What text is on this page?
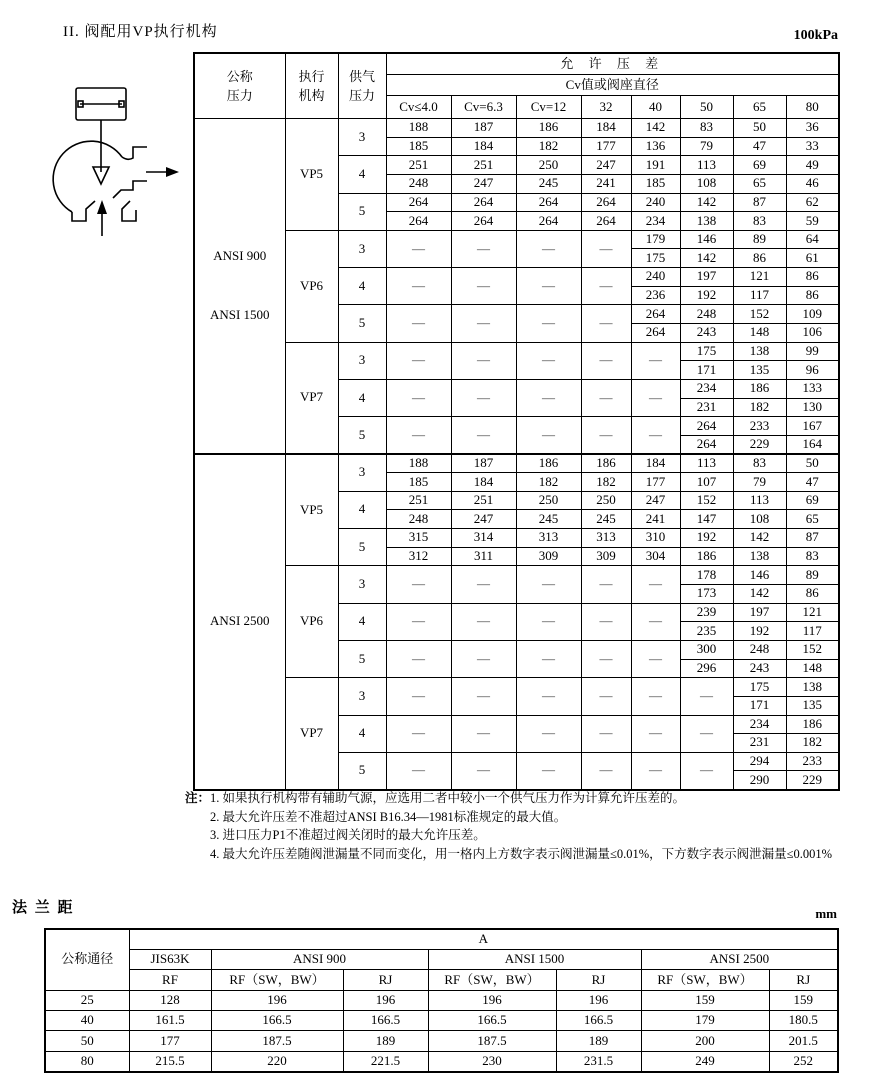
II. 阀配用VP执行机构	100kPa
公称压力	执行机构	供气压力	允 许 压 差							
			Cv值或阀座直径							
			Cv≤4.0	Cv=6.3	Cv=12	32	40	50	65	80

ANSI 900
ANSI 1500	VP5	3	188	187	186	184	142	83	50	36
			185	184	182	177	136	79	47	33
		4	251	251	250	247	191	113	69	49
			248	247	245	241	185	108	65	46
		5	264	264	264	264	240	142	87	62
			264	264	264	264	234	138	83	59
	VP6	3	—	—	—	—	179	146	89	64
							175	142	86	61
		4	—	—	—	—	240	197	121	86
							236	192	117	86
		5	—	—	—	—	264	248	152	109
							264	243	148	106
	VP7	3	—	—	—	—	—	175	138	99
								171	135	96
		4	—	—	—	—	—	234	186	133
								231	182	130
		5	—	—	—	—	—	264	233	167
								264	229	164

ANSI 2500	VP5	3	188	187	186	186	184	113	83	50
			185	184	182	182	177	107	79	47
		4	251	251	250	250	247	152	113	69
			248	247	245	245	241	147	108	65
		5	315	314	313	313	310	192	142	87
			312	311	309	309	304	186	138	83
	VP6	3	—	—	—	—	—	178	146	89
								173	142	86
		4	—	—	—	—	—	239	197	121
								235	192	117
		5	—	—	—	—	—	300	248	152
								296	243	148
	VP7	3	—	—	—	—	—	—	175	138
									171	135
		4	—	—	—	—	—	—	234	186
									231	182
		5	—	—	—	—	—	—	294	233
									290	229
注：1. 如果执行机构带有辅助气源，应选用二者中较小一个供气压力作为计算允许压差的。
2. 最大允许压差不准超过ANSI B16.34—1981标准规定的最大值。
3. 进口压力P1不准超过阀关闭时的最大允许压差。
4. 最大允许压差随阀泄漏量不同而变化，用一格内上方数字表示阀泄漏量≤0.01%，下方数字表示阀泄漏量≤0.001%
法 兰 距	mm
公称通径	A						
	JIS63K	ANSI 900		ANSI 1500		ANSI 2500	
	RF	RF（SW，BW）	RJ	RF（SW，BW）	RJ	RF（SW，BW）	RJ
25	128	196	196	196	196	159	159
40	161.5	166.5	166.5	166.5	166.5	179	180.5
50	177	187.5	189	187.5	189	200	201.5
80	215.5	220	221.5	230	231.5	249	252
